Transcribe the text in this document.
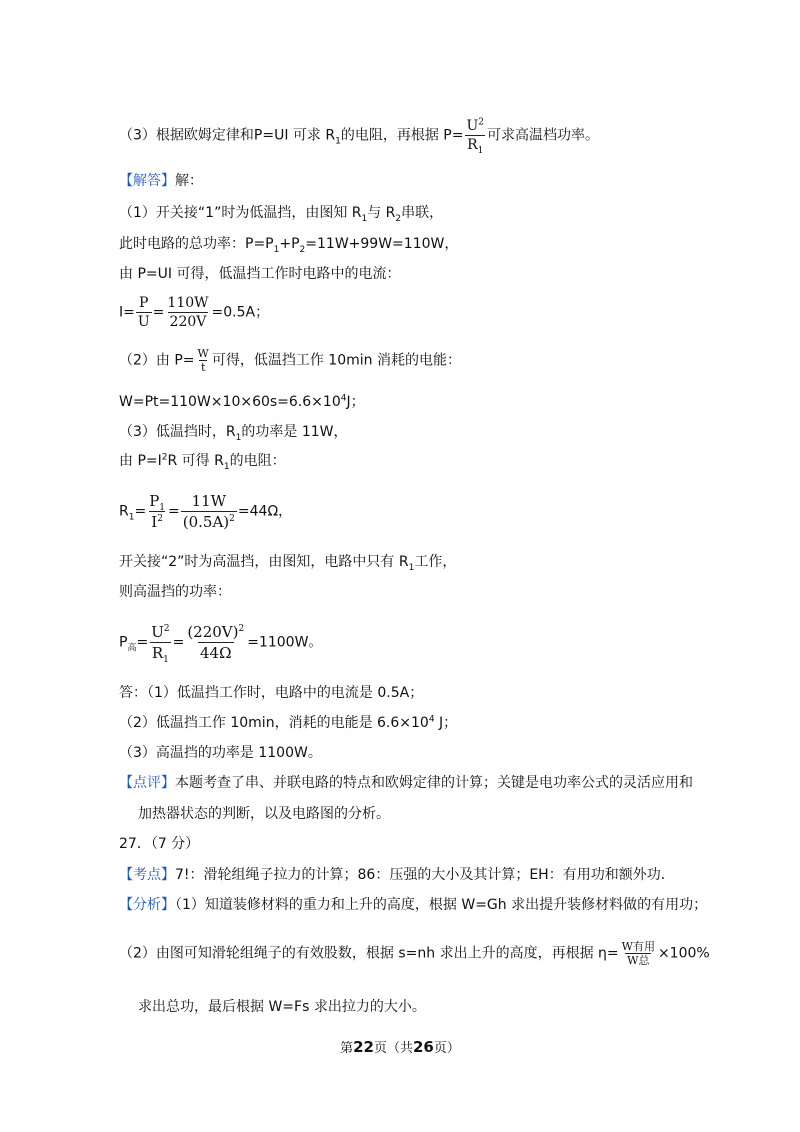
（3）根据欧姆定律和P=UI 可求 $R_1$的电阻，再根据 $P= \frac{U^2}{R_1}$ 可求高温档功率。
【解答】解：
（1）开关接“1”时为低温挡，由图知 $R_1$与 $R_2$串联，
此时电路的总功率：$P=P_1+P_2=11W+99W=110W$，
由 P=UI 可得，低温挡工作时电路中的电流：
$I= \frac{P}{U} = \frac{110W}{220V} =0.5A$；
（2）由 $P= \frac{W}{t}$ 可得，低温挡工作 10min 消耗的电能：
$W=Pt=110W\times 10\times 60s=6.6\times 10^4J$；
（3）低温挡时，$R_1$的功率是 11W，
由 $P=I^2R$ 可得 $R_1$的电阻：
$R_1= \frac{P_1}{I^2} = \frac{11W}{(0.5A)^2} =44\Omega$，
开关接“2”时为高温挡，由图知，电路中只有 $R_1$工作，
则高温挡的功率：
$P_高= \frac{U^2}{R_1} = \frac{(220V)^2}{44\Omega} =1100W$。
答：（1）低温挡工作时，电路中的电流是 0.5A；
（2）低温挡工作 10min，消耗的电能是 $6.6\times 10^4$ J；
（3）高温挡的功率是 1100W。
【点评】本题考查了串、并联电路的特点和欧姆定律的计算；关键是电功率公式的灵活应用和
加热器状态的判断，以及电路图的分析。
27．（7 分）
【考点】7!：滑轮组绳子拉力的计算；86：压强的大小及其计算；EH：有用功和额外功．
【分析】（1）知道装修材料的重力和上升的高度，根据 W=Gh 求出提升装修材料做的有用功；
（2）由图可知滑轮组绳子的有效股数，根据 s=nh 求出上升的高度，再根据 $\eta= \frac{\text{W有用}}{\text{W总}} \times 100\%$
求出总功，最后根据 W=Fs 求出拉力的大小。
第22页（共26页）
